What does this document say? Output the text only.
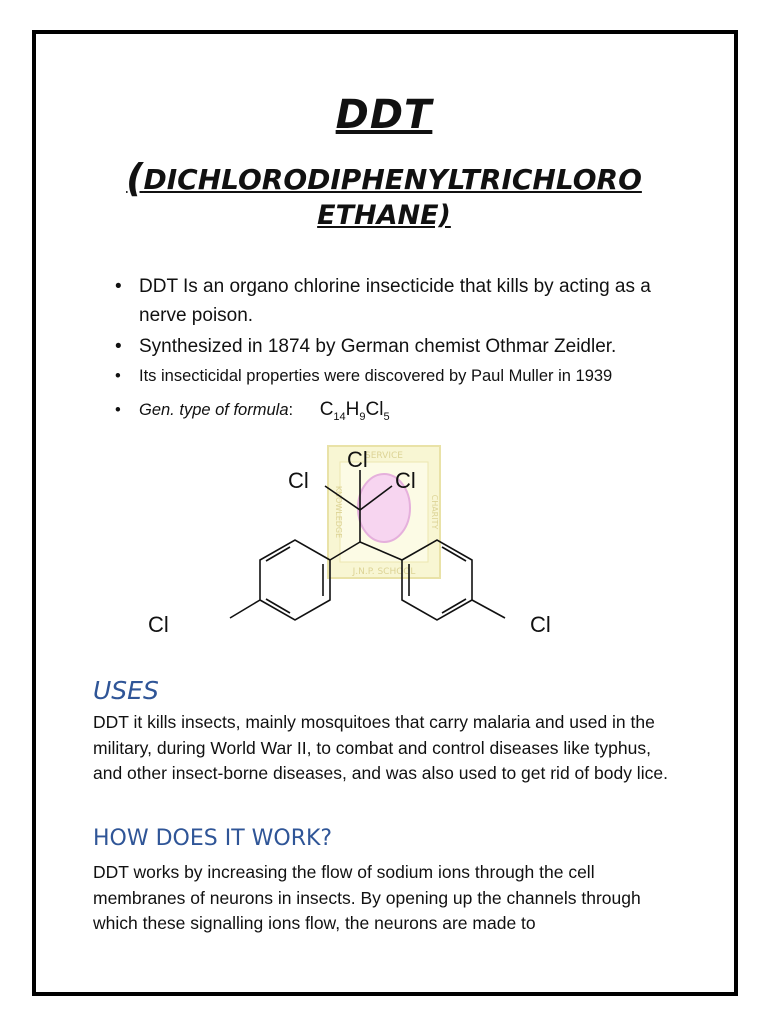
DDT
(DICHLORODIPHENYLTRICHLORO
ETHANE)
• DDT Is an organo chlorine insecticide that kills by acting as a nerve poison.
• Synthesized in 1874 by German chemist Othmar Zeidler.
• Its insecticidal properties were discovered by Paul Muller in 1939
• Gen. type of formula: $C_{14}H_9Cl_5$
SERVICE
J.N.P. SCHOOL
KNOWLEDGE	CHARITY
Cl
Cl	Cl
Cl	Cl
USES

DDT it kills insects, mainly mosquitoes that carry malaria and used in the military, during World War II, to combat and control diseases like typhus, and other insect-borne diseases, and was also used to get rid of body lice.

HOW DOES IT WORK?

DDT works by increasing the flow of sodium ions through the cell membranes of neurons in insects. By opening up the channels through which these signalling ions flow, the neurons are made to
